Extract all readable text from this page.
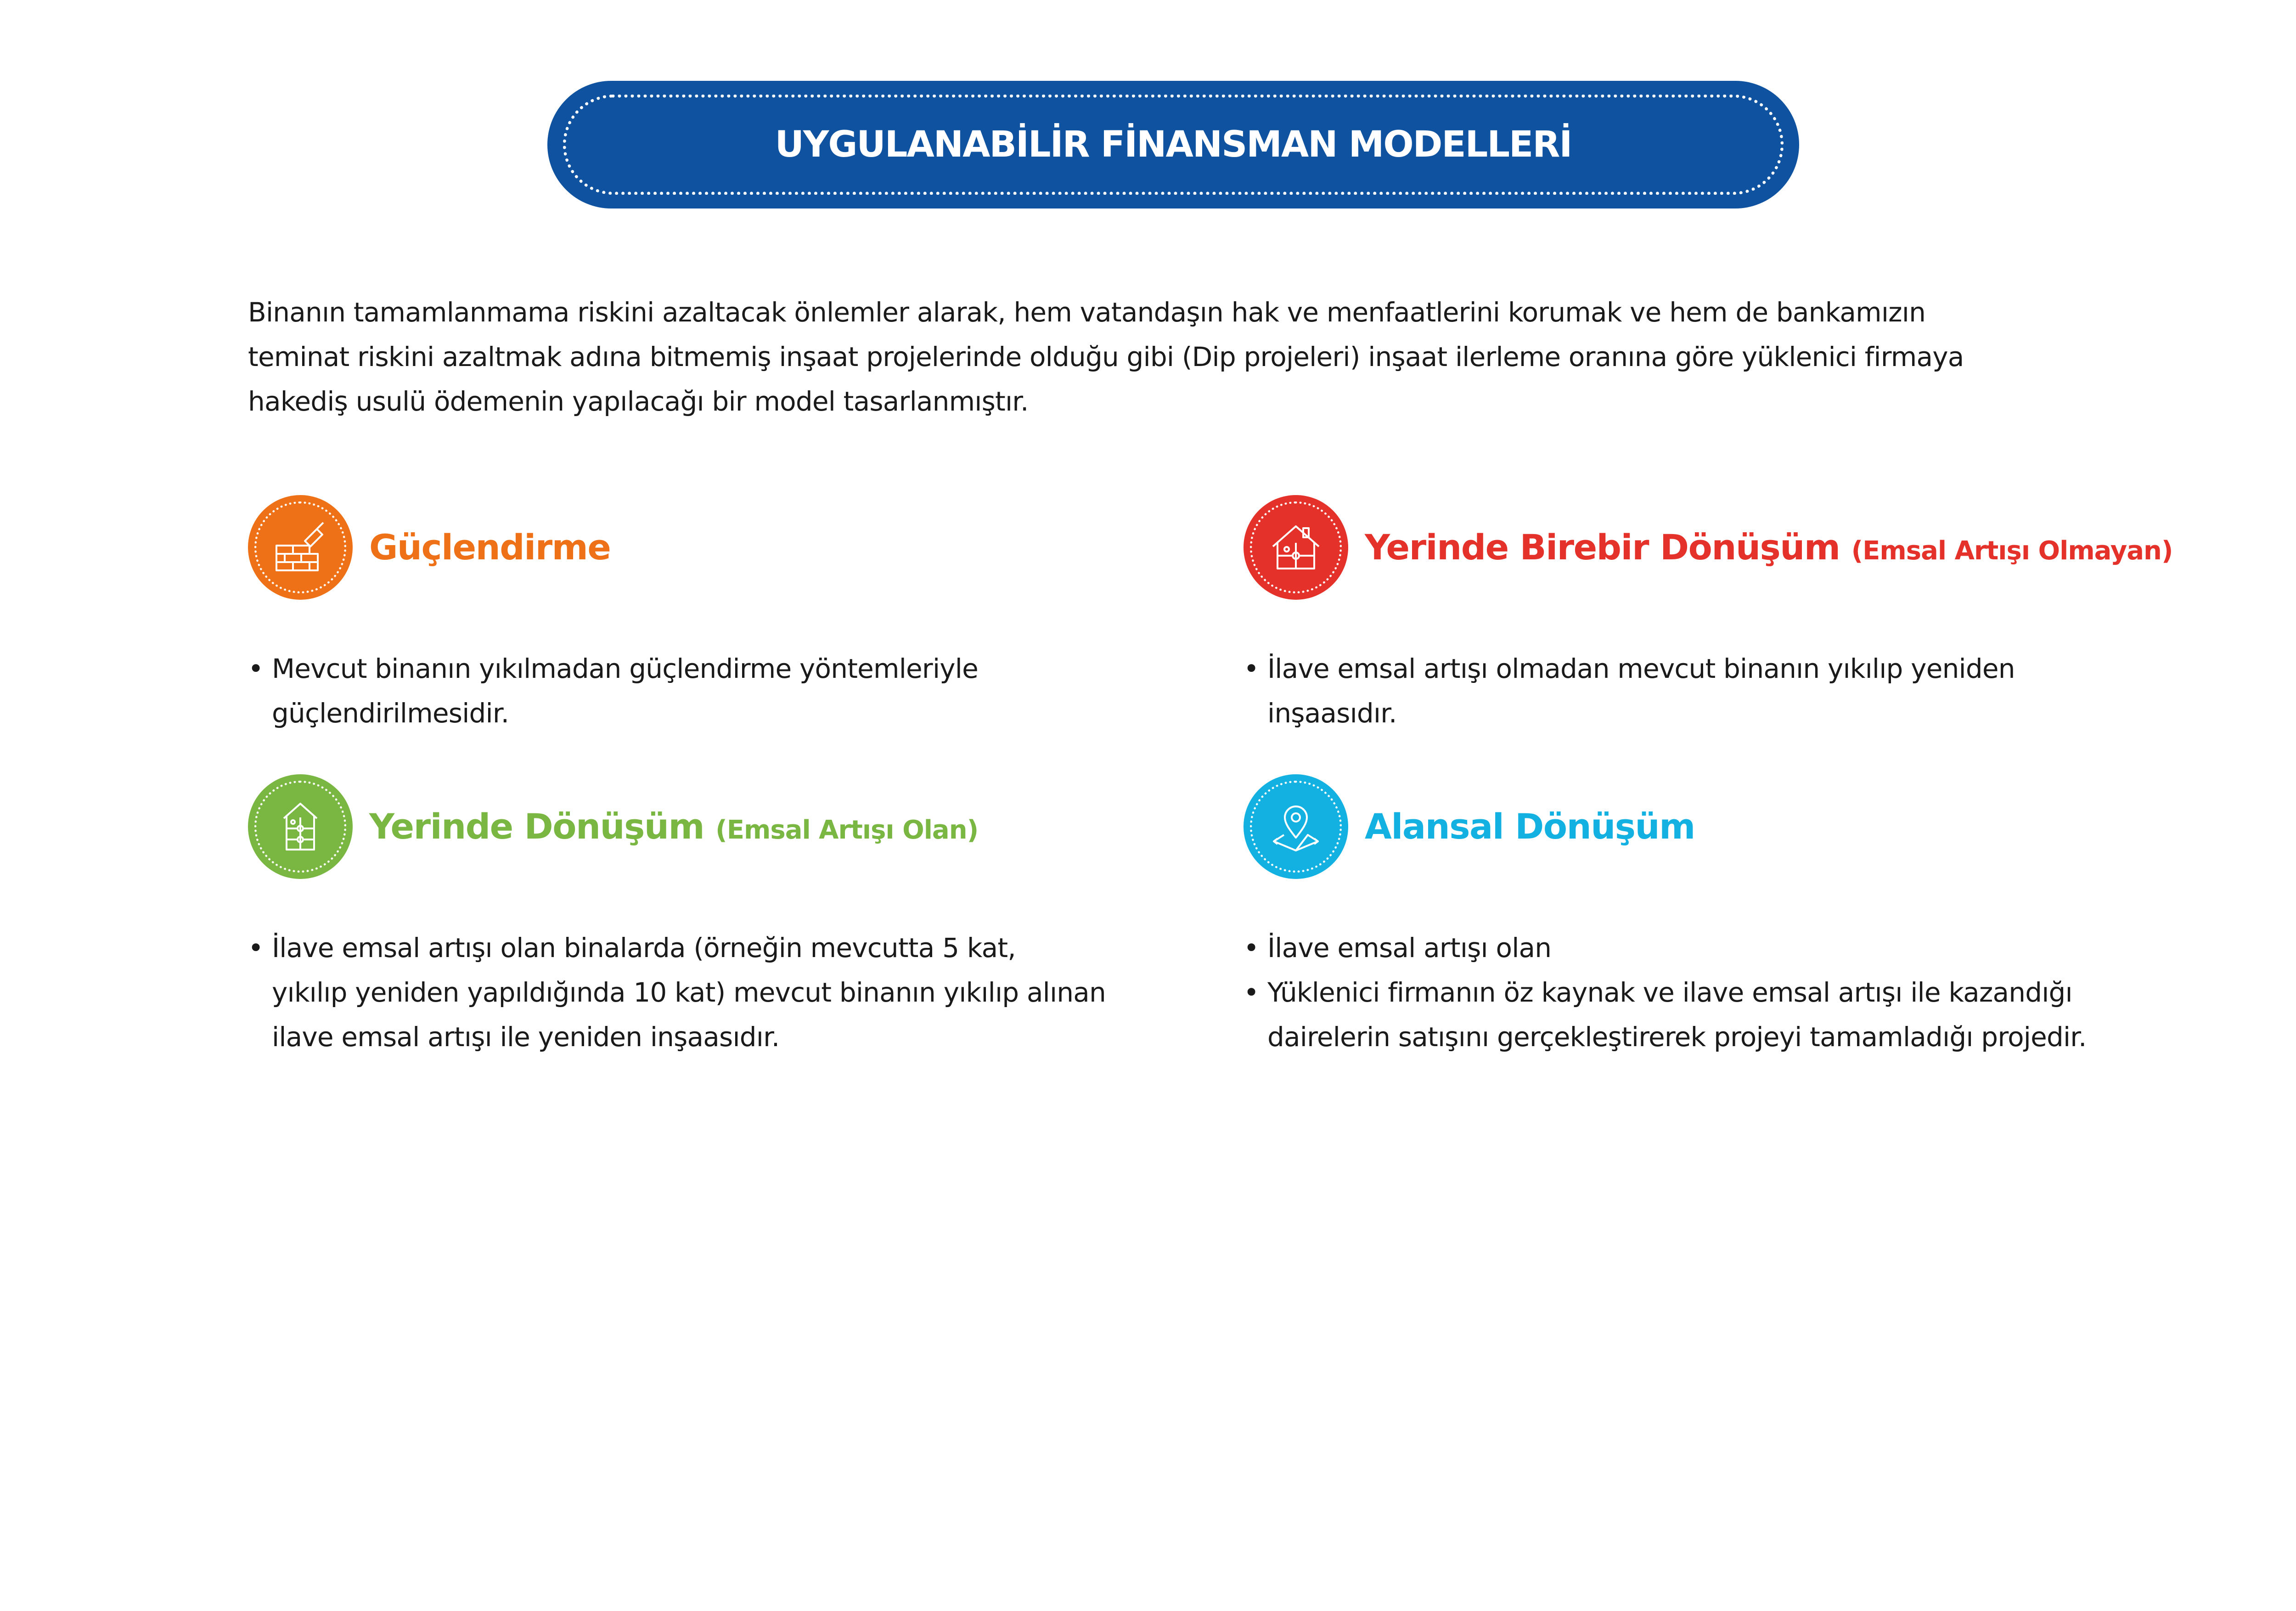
UYGULANABİLİR FİNANSMAN MODELLERİ
Binanın tamamlanmama riskini azaltacak önlemler alarak, hem vatandaşın hak ve menfaatlerini korumak ve hem de bankamızın
teminat riskini azaltmak adına bitmemiş inşaat projelerinde olduğu gibi (Dip projeleri) inşaat ilerleme oranına göre yüklenici firmaya
hakediş usulü ödemenin yapılacağı bir model tasarlanmıştır.
Güçlendirme
• Mevcut binanın yıkılmadan güçlendirme yöntemleriyle
güçlendirilmesidir.
Yerinde Birebir Dönüşüm (Emsal Artışı Olmayan)
• İlave emsal artışı olmadan mevcut binanın yıkılıp yeniden
inşaasıdır.
Yerinde Dönüşüm (Emsal Artışı Olan)
• İlave emsal artışı olan binalarda (örneğin mevcutta 5 kat,
yıkılıp yeniden yapıldığında 10 kat) mevcut binanın yıkılıp alınan
ilave emsal artışı ile yeniden inşaasıdır.
Alansal Dönüşüm
• İlave emsal artışı olan
• Yüklenici firmanın öz kaynak ve ilave emsal artışı ile kazandığı
dairelerin satışını gerçekleştirerek projeyi tamamladığı projedir.
